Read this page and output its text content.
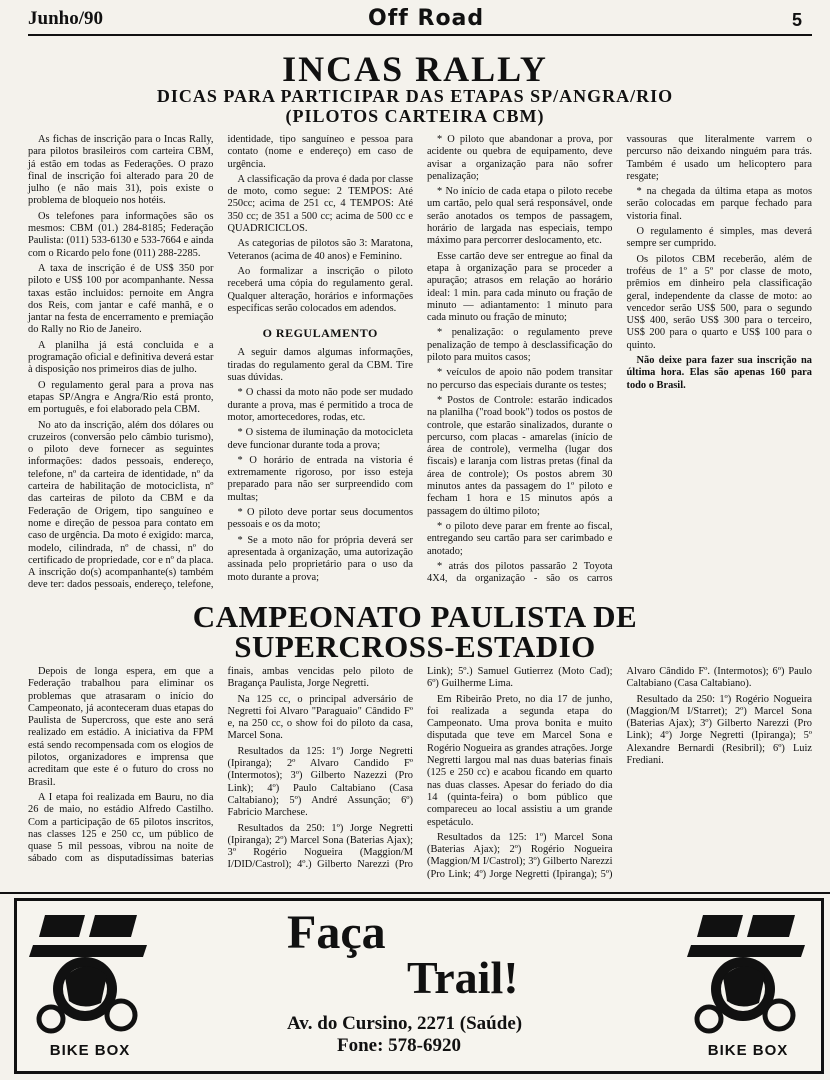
Junho/90	Off Road	5
INCAS RALLY
DICAS PARA PARTICIPAR DAS ETAPAS SP/ANGRA/RIO
(PILOTOS CARTEIRA CBM)

As fichas de inscrição para o Incas Rally, para pilotos brasileiros com carteira CBM, já estão em todas as Federações. O prazo final de inscrição foi alterado para 20 de julho (e não mais 31), pois existe o problema de bloqueio nos hotéis.

Os telefones para informações são os mesmos: CBM (01.) 284-8185; Federação Paulista: (011) 533-6130 e 533-7664 e ainda com o Ricardo pelo fone (011) 288-2285.

A taxa de inscrição é de US$ 350 por piloto e US$ 100 por acompanhante. Nessa taxas estão incluidos: pernoite em Angra dos Reis, com jantar e café manhã, e o jantar na festa de encerramento e premiação do Rally no Rio de Janeiro.

A planilha já está concluida e a programação oficial e definitiva deverá estar à disposição nos primeiros dias de julho.

O regulamento geral para a prova nas etapas SP/Angra e Angra/Rio está pronto, em português, e foi elaborado pela CBM.

No ato da inscrição, além dos dólares ou cruzeiros (conversão pelo câmbio turismo), o piloto deve fornecer as seguintes informações: dados pessoais, endereço, telefone, nº da carteira de identidade, nº da carteira de habilitação de motociclista, nº das carteiras de piloto da CBM e da Federação de Origem, tipo sanguíneo e nome e direção de pessoa para contato em caso de urgência. Da moto é exigido: marca, modelo, cilindrada, nº de chassi, nº do certificado de propriedade, cor e nº da placa. A inscrição do(s) acompanhante(s) também deve ter: dados pessoais, endereço, telefone, identidade, tipo sanguíneo e pessoa para contato (nome e endereço) em caso de urgência.

A classificação da prova é dada por classe de moto, como segue: 2 TEMPOS: Até 250cc; acima de 251 cc, 4 TEMPOS: Até 350 cc; de 351 a 500 cc; acima de 500 cc e QUADRICICLOS.

As categorias de pilotos são 3: Maratona, Veteranos (acima de 40 anos) e Feminino.

Ao formalizar a inscrição o piloto receberá uma cópia do regulamento geral. Qualquer alteração, horários e informações específicas serão colocados em adendos.

O REGULAMENTO

A seguir damos algumas informações, tiradas do regulamento geral da CBM. Tire suas dúvidas.

* O chassi da moto não pode ser mudado durante a prova, mas é permitido a troca de motor, amortecedores, rodas, etc.

* O sistema de iluminação da motocicleta deve funcionar durante toda a prova;

* O horário de entrada na vistoria é extremamente rigoroso, por isso esteja preparado para não ser surpreendido com multas;

* O piloto deve portar seus documentos pessoais e os da moto;

* Se a moto não for própria deverá ser apresentada à organização, uma autorização assinada pelo proprietário para o uso da moto durante a prova;

* O piloto que abandonar a prova, por acidente ou quebra de equipamento, deve avisar a organização para não sofrer penalização;

* No início de cada etapa o piloto recebe um cartão, pelo qual será responsável, onde serão anotados os tempos de passagem, horário de largada nas especiais, tempo máximo para percorrer deslocamento, etc.

Esse cartão deve ser entregue ao final da etapa à organização para se proceder a apuração; atrasos em relação ao horário ideal: 1 min. para cada minuto ou fração de minuto — adiantamento: 1 minuto para cada minuto ou fração de minuto;

* penalização: o regulamento preve penalização de tempo à desclassificação do piloto para muitos casos;

* veículos de apoio não podem transitar no percurso das especiais durante os testes;

* Postos de Controle: estarão indicados na planilha ("road book") todos os postos de controle, que estarão sinalizados, durante o percurso, com placas - amarelas (início de área de controle), vermelha (lugar dos fiscais) e laranja com listras pretas (final da área de controle); Os postos abrem 30 minutos antes da passagem do 1º piloto e fecham 1 hora e 15 minutos após a passagem do último piloto;

* o piloto deve parar em frente ao fiscal, entregando seu cartão para ser carimbado e anotado;

* atrás dos pilotos passarão 2 Toyota 4X4, da organização - são os carros vassouras que literalmente varrem o percurso não deixando ninguém para trás. Também é usado um helicoptero para resgate;

* na chegada da última etapa as motos serão colocadas em parque fechado para vistoria final.

O regulamento é simples, mas deverá sempre ser cumprido.

Os pilotos CBM receberão, além de troféus de 1º a 5º por classe de moto, prêmios em dinheiro pela classificação geral, independente da classe de moto: ao vencedor serão US$ 500, para o segundo US$ 400, serão US$ 300 para o terceiro, US$ 200 para o quarto e US$ 100 para o quinto.

Não deixe para fazer sua inscrição na última hora. Elas são apenas 160 para todo o Brasil.

CAMPEONATO PAULISTA DE
SUPERCROSS-ESTADIO

Depois de longa espera, em que a Federação trabalhou para eliminar os problemas que atrasaram o início do Campeonato, já aconteceram duas etapas do Paulista de Supercross, que este ano será realizado em estádio. A iniciativa da FPM está sendo recompensada com os elogios de pilotos, organizadores e imprensa que acreditam que este é o futuro do cross no Brasil.

A I etapa foi realizada em Bauru, no dia 26 de maio, no estádio Alfredo Castilho. Com a participação de 65 pilotos inscritos, nas classes 125 e 250 cc, um público de quase 5 mil pessoas, vibrou na noite de sábado com as disputadíssimas baterias finais, ambas vencidas pelo piloto de Bragança Paulista, Jorge Negretti.

Na 125 cc, o principal adversário de Negretti foi Alvaro "Paraguaio" Cândido Fº e, na 250 cc, o show foi do piloto da casa, Marcel Sona.

Resultados da 125: 1º) Jorge Negretti (Ipiranga); 2º Alvaro Candido Fº (Intermotos); 3º) Gilberto Nazezzi (Pro Link); 4º) Paulo Caltabiano (Casa Caltabiano); 5º) André Assunção; 6º) Fabricio Marchese.

Resultados da 250: 1º) Jorge Negretti (Ipiranga); 2º) Marcel Sona (Baterias Ajax); 3º Rogério Nogueira (Maggion/M I/DID/Castrol); 4º.) Gilberto Narezzi (Pro Link); 5º.) Samuel Gutierrez (Moto Cad); 6º) Guilherme Lima.

Em Ribeirão Preto, no dia 17 de junho, foi realizada a segunda etapa do Campeonato. Uma prova bonita e muito disputada que teve em Marcel Sona e Rogério Nogueira as grandes atrações. Jorge Negretti largou mal nas duas baterias finais (125 e 250 cc) e acabou ficando em quarto nas duas classes. Apesar do feriado do dia 14 (quinta-feira) o bom público que compareceu ao local assistiu a um grande espetáculo.

Resultados da 125: 1º) Marcel Sona (Baterias Ajax); 2º) Rogério Nogueira (Maggion/M I/Castrol); 3º) Gilberto Narezzi (Pro Link; 4º) Jorge Negretti (Ipiranga); 5º) Alvaro Cândido Fº. (Intermotos); 6º) Paulo Caltabiano (Casa Caltabiano).

Resultado da 250: 1º) Rogério Nogueira (Maggion/M I/Starret); 2º) Marcel Sona (Baterias Ajax); 3º) Gilberto Narezzi (Pro Link); 4º) Jorge Negretti (Ipiranga); 5º Alexandre Bernardi (Resibril); 6º) Luiz Frediani.

BIKE BOX
Faça
Trail!
Av. do Cursino, 2271 (Saúde)
Fone: 578-6920	BIKE BOX
